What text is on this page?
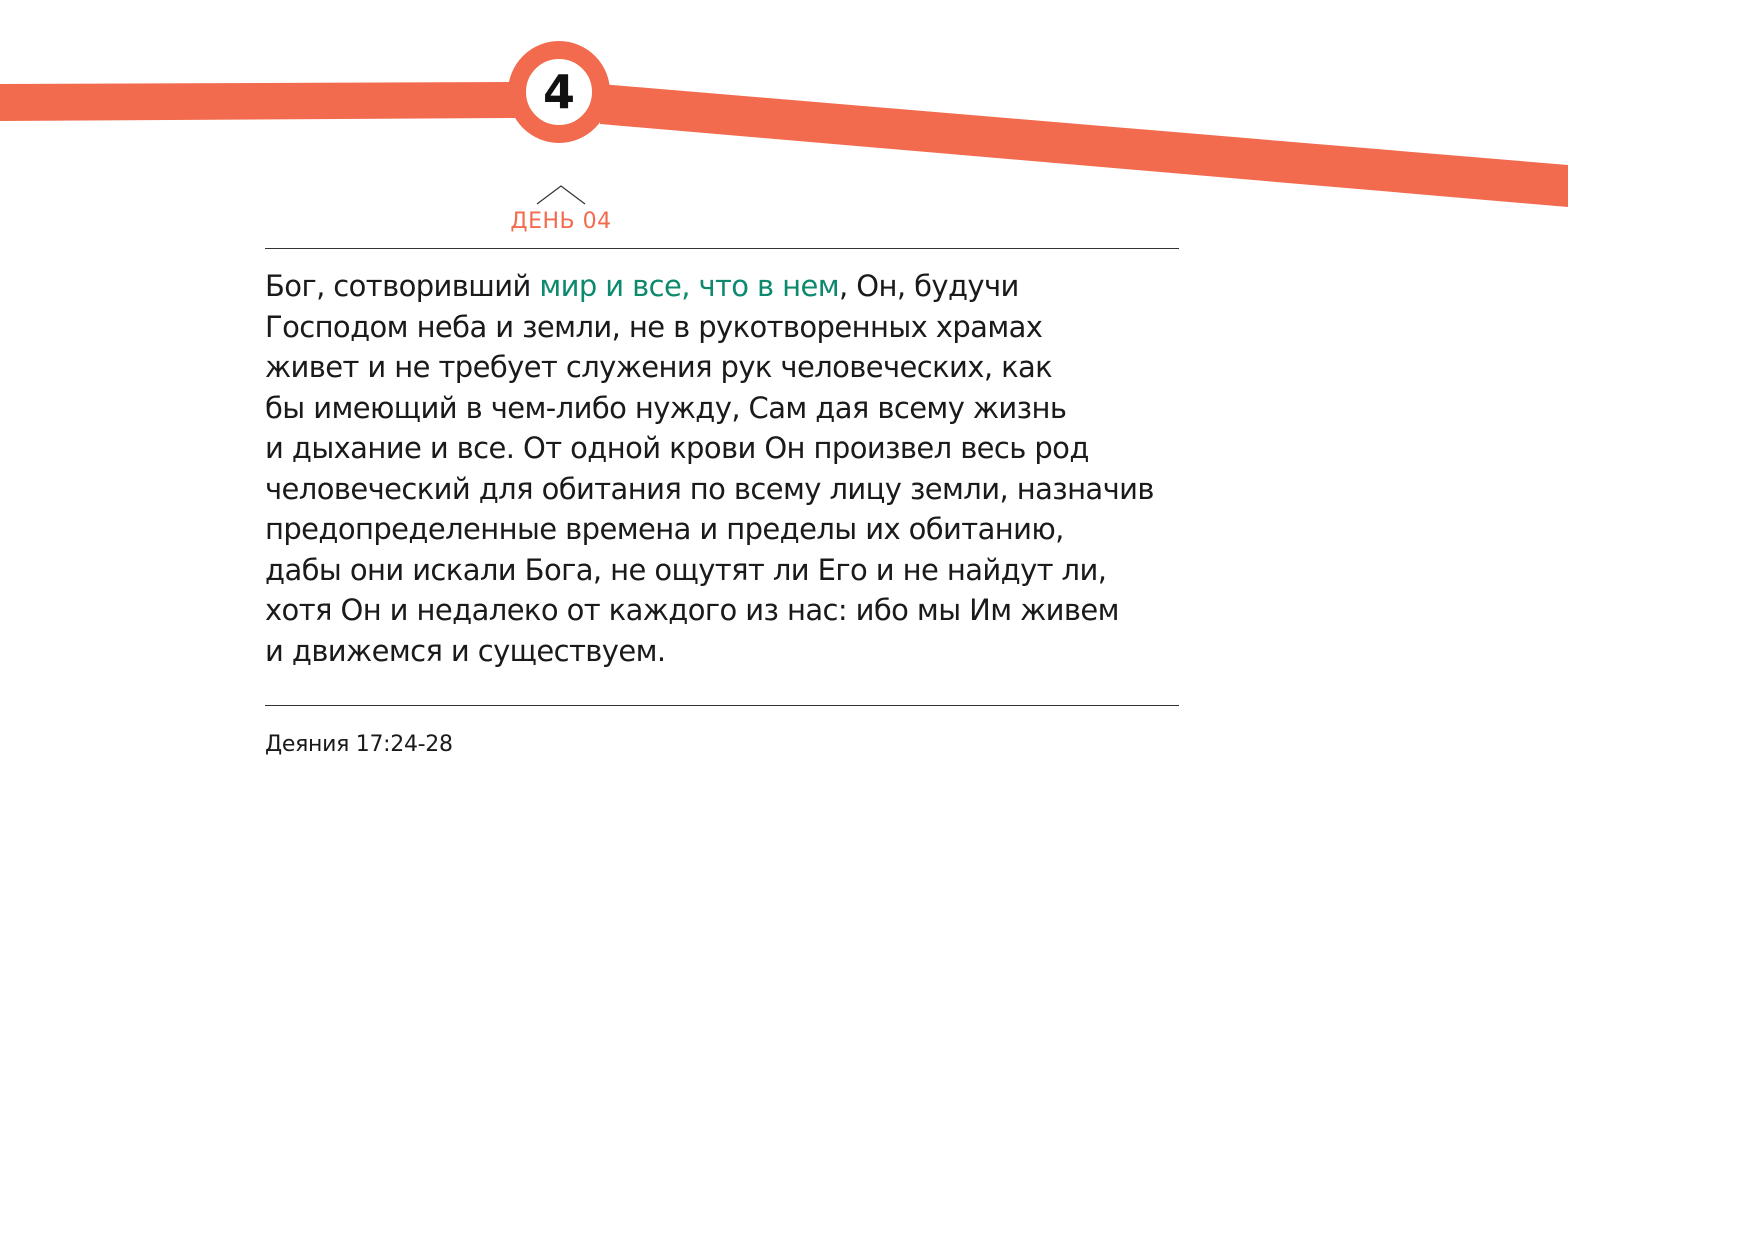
4
ДЕНЬ 04

Бог, сотворивший мир и все, что в нем, Он, будучи
Господом неба и земли, не в рукотворенных храмах
живет и не требует служения рук человеческих, как
бы имеющий в чем-либо нужду, Сам дая всему жизнь
и дыхание и все. От одной крови Он произвел весь род
человеческий для обитания по всему лицу земли, назначив
предопределенные времена и пределы их обитанию,
дабы они искали Бога, не ощутят ли Его и не найдут ли,
хотя Он и недалеко от каждого из нас: ибо мы Им живем
и движемся и существуем.

Деяния 17:24-28
